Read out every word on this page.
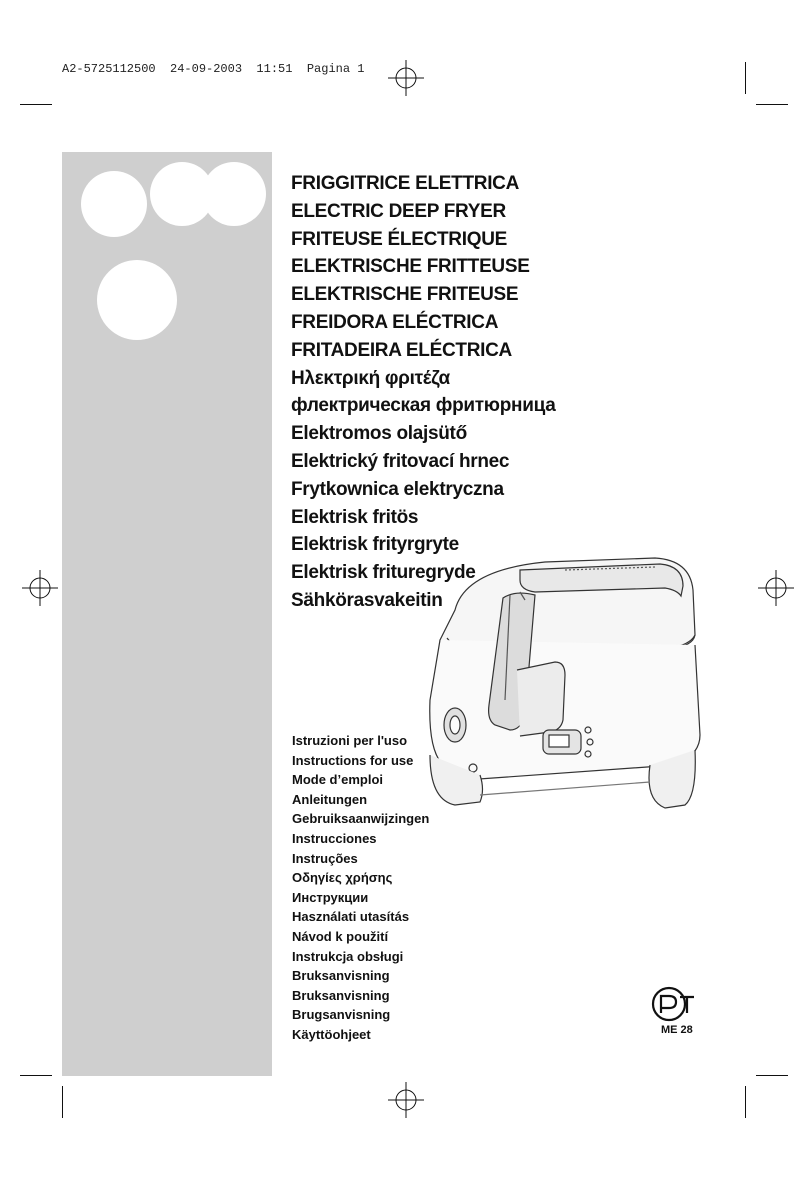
A2-5725112500  24-09-2003  11:51  Pagina 1
FRIGGITRICE ELETTRICA
ELECTRIC DEEP FRYER
FRITEUSE ÉLECTRIQUE
ELEKTRISCHE FRITTEUSE
ELEKTRISCHE FRITEUSE
FREIDORA ELÉCTRICA
FRITADEIRA ELÉCTRICA
Ηλεκτρική φριτέζα
флектрическая фритюрница
Elektromos olajsütő
Elektrický fritovací hrnec
Frytkownica elektryczna
Elektrisk fritös
Elektrisk frityrgryte
Elektrisk frituregryde
Sähkörasvakeitin
Istruzioni per l'uso
Instructions for use
Mode d’emploi
Anleitungen
Gebruiksaanwijzingen
Instrucciones
Instruções
Οδηγίες χρήσης
Инструкции
Használati utasítás
Návod k použití
Instrukcja obsługi
Bruksanvisning
Bruksanvisning
Brugsanvisning
Käyttöohjeet	ME 28
